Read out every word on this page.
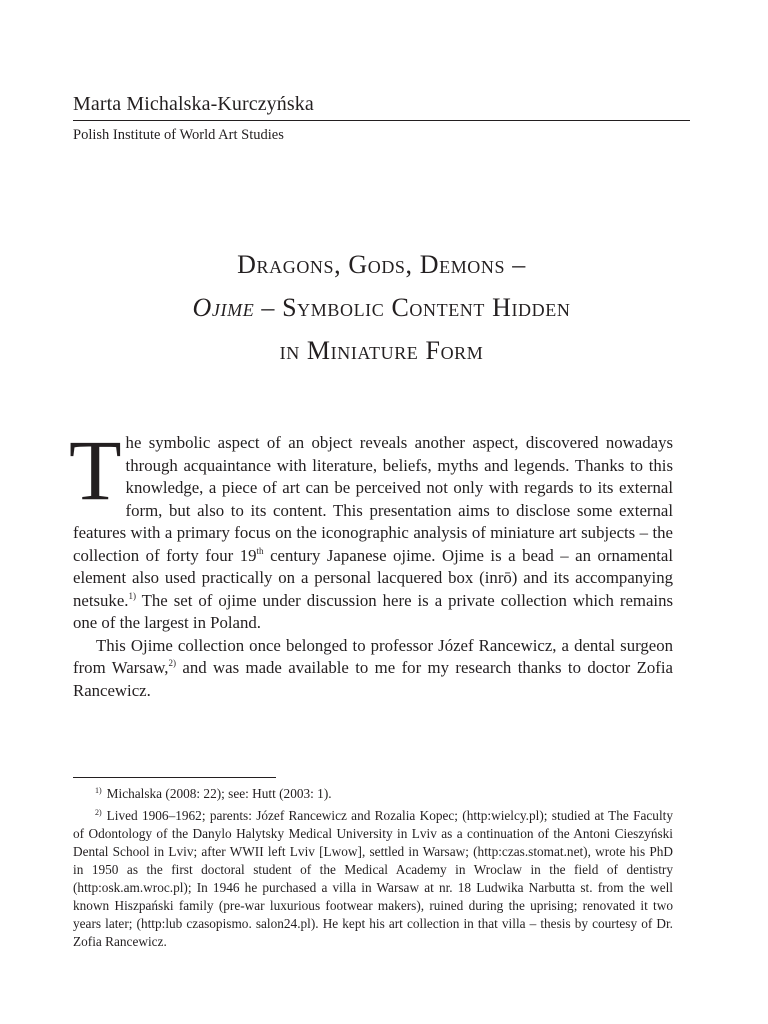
Marta Michalska-Kurczyńska
Polish Institute of World Art Studies
Dragons, Gods, Demons –
Ojime – Symbolic Content Hidden
in Miniature Form

The symbolic aspect of an object reveals another aspect, discovered nowadays through acquaintance with literature, beliefs, myths and legends. Thanks to this knowledge, a piece of art can be perceived not only with regards to its external form, but also to its content. This presentation aims to disclose some external features with a primary focus on the iconographic analysis of miniature art subjects – the collection of forty four 19th century Japanese ojime. Ojime is a bead – an ornamental element also used practically on a personal lacquered box (inrō) and its accompanying netsuke.$^{1)}$ The set of ojime under discussion here is a private collection which remains one of the largest in Poland.

This Ojime collection once belonged to professor Józef Rancewicz, a dental surgeon from Warsaw,$^{2)}$ and was made available to me for my research thanks to doctor Zofia Rancewicz.

$^{1)}$ Michalska (2008: 22); see: Hutt (2003: 1).

$^{2)}$ Lived 1906–1962; parents: Józef Rancewicz and Rozalia Kopec; (http:wielcy.pl); studied at The Faculty of Odontology of the Danylo Halytsky Medical University in Lviv as a continuation of the Antoni Cieszyński Dental School in Lviv; after WWII left Lviv [Lwow], settled in Warsaw; (http:czas.stomat.net), wrote his PhD in 1950 as the first doctoral student of the Medical Academy in Wroclaw in the field of dentistry (http:osk.am.wroc.pl); In 1946 he purchased a villa in Warsaw at nr. 18 Ludwika Narbutta st. from the well known Hiszpański family (pre-war luxurious footwear makers), ruined during the uprising; renovated it two years later; (http:lub czasopismo. salon24.pl). He kept his art collection in that villa – thesis by courtesy of Dr. Zofia Rancewicz.
